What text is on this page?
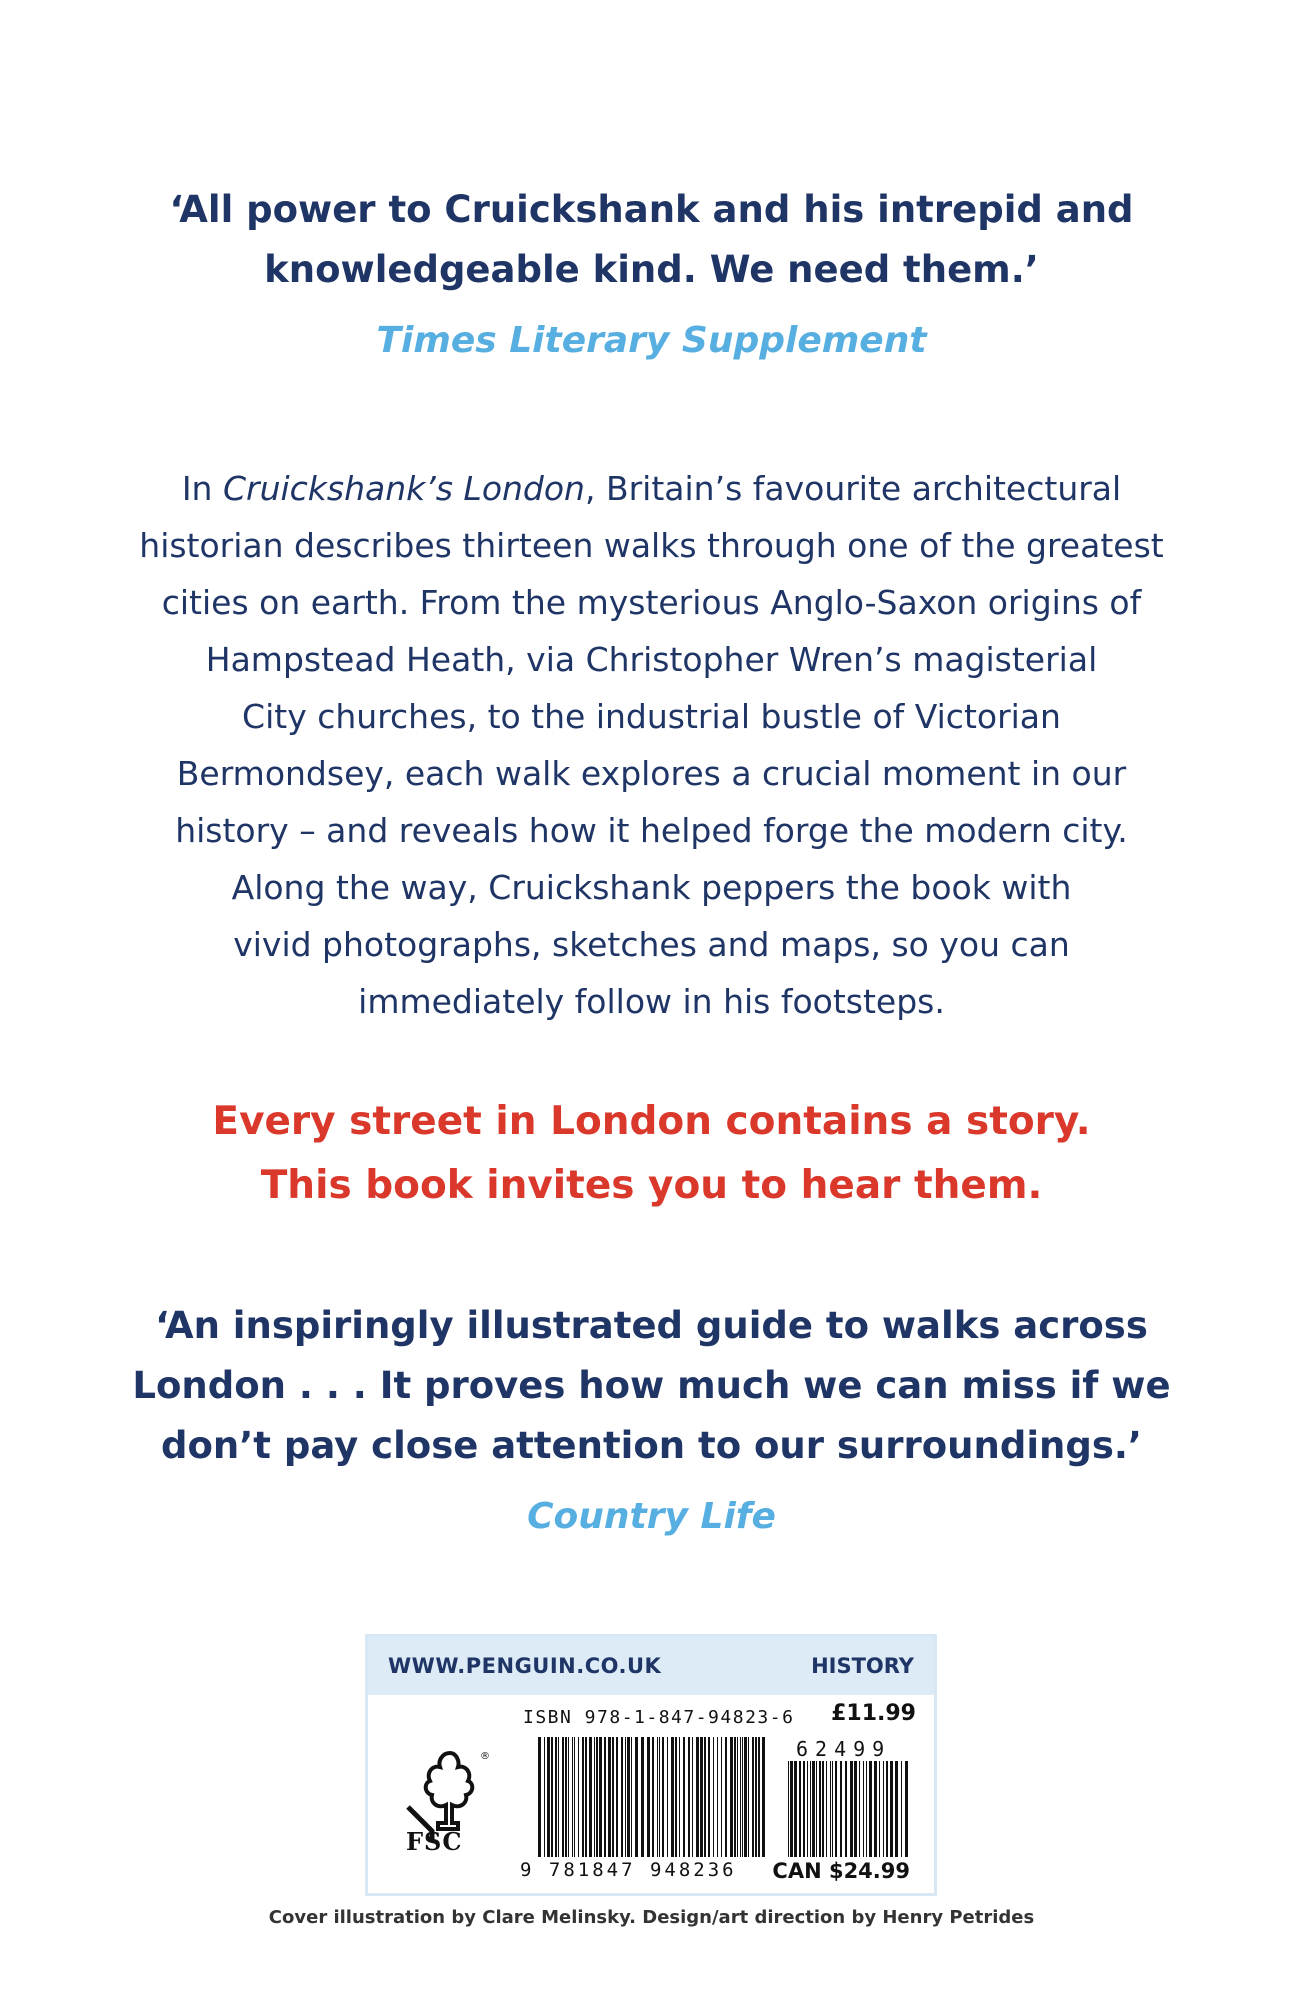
‘All power to Cruickshank and his intrepid and
knowledgeable kind. We need them.’

Times Literary Supplement

In Cruickshank’s London, Britain’s favourite architectural
historian describes thirteen walks through one of the greatest
cities on earth. From the mysterious Anglo-Saxon origins of
Hampstead Heath, via Christopher Wren’s magisterial
City churches, to the industrial bustle of Victorian
Bermondsey, each walk explores a crucial moment in our
history – and reveals how it helped forge the modern city.
Along the way, Cruickshank peppers the book with
vivid photographs, sketches and maps, so you can
immediately follow in his footsteps.

Every street in London contains a story.
This book invites you to hear them.

‘An inspiringly illustrated guide to walks across
London . . . It proves how much we can miss if we
don’t pay close attention to our surroundings.’

Country Life

WWW.PENGUIN.CO.UK	HISTORY
®
FSC
ISBN 978-1-847-94823-6 £11.99
62499
9 781847 948236 CAN $24.99
Cover illustration by Clare Melinsky. Design/art direction by Henry Petrides
